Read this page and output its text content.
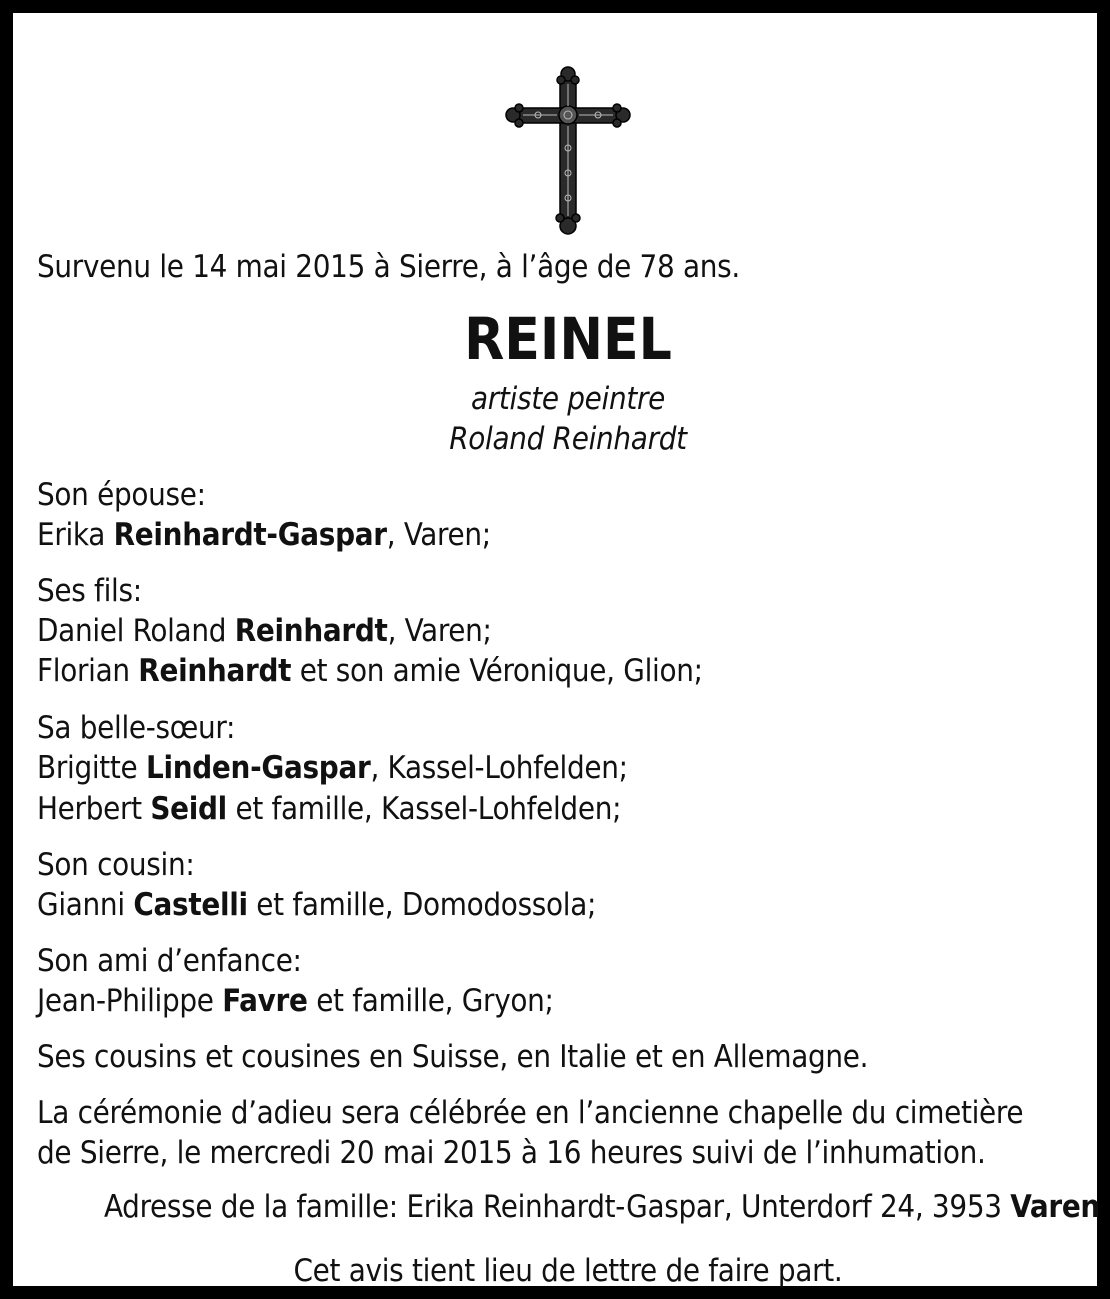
Survenu le 14 mai 2015 à Sierre, à l’âge de 78 ans.
REINEL
artiste peintre
Roland Reinhardt
Son épouse:
Erika Reinhardt-Gaspar, Varen;
Ses fils:
Daniel Roland Reinhardt, Varen;
Florian Reinhardt et son amie Véronique, Glion;
Sa belle-sœur:
Brigitte Linden-Gaspar, Kassel-Lohfelden;
Herbert Seidl et famille, Kassel-Lohfelden;
Son cousin:
Gianni Castelli et famille, Domodossola;
Son ami d’enfance:
Jean-Philippe Favre et famille, Gryon;
Ses cousins et cousines en Suisse, en Italie et en Allemagne.
La cérémonie d’adieu sera célébrée en l’ancienne chapelle du cimetière
de Sierre, le mercredi 20 mai 2015 à 16 heures suivi de l’inhumation.
Adresse de la famille: Erika Reinhardt-Gaspar, Unterdorf 24, 3953 Varen
Cet avis tient lieu de lettre de faire part.
